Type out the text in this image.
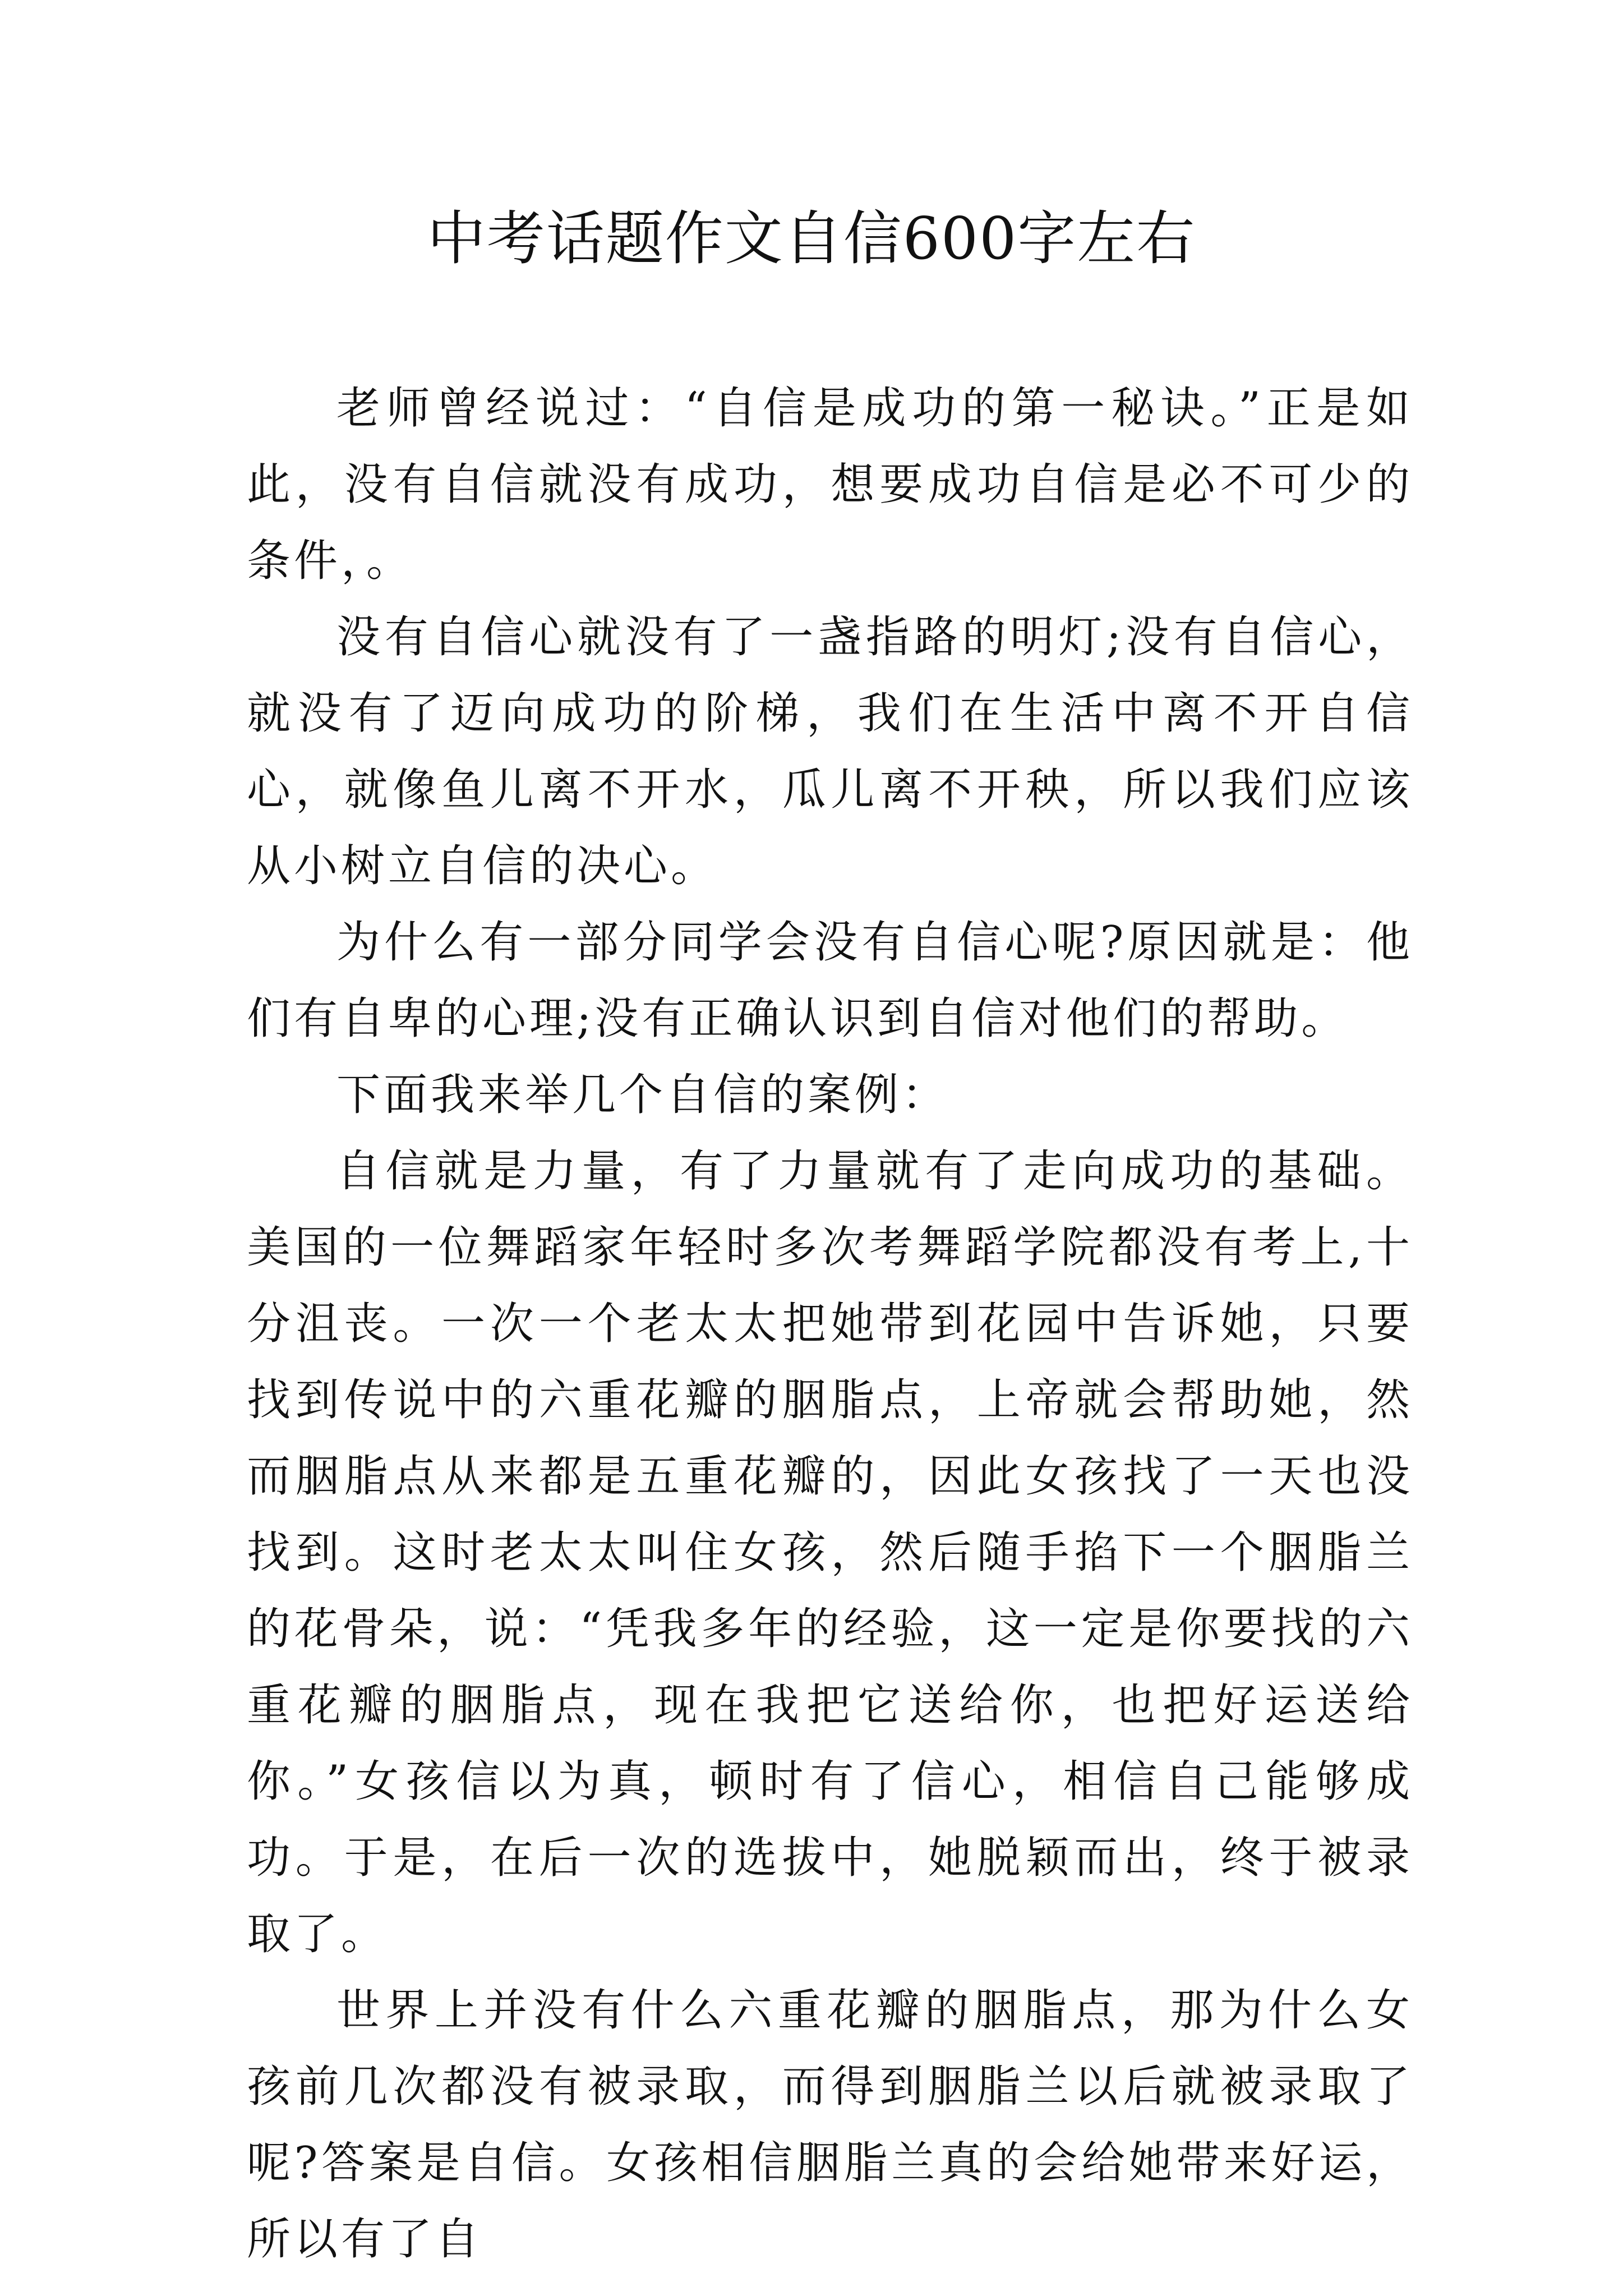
中考话题作文自信600字左右

老师曾经说过：“自信是成功的第一秘诀。”正是如此，没有自信就没有成功，想要成功自信是必不可少的条件，。

没有自信心就没有了一盏指路的明灯;没有自信心，就没有了迈向成功的阶梯，我们在生活中离不开自信心，就像鱼儿离不开水，瓜儿离不开秧，所以我们应该从小树立自信的决心。

为什么有一部分同学会没有自信心呢?原因就是：他们有自卑的心理;没有正确认识到自信对他们的帮助。

下面我来举几个自信的案例：

自信就是力量，有了力量就有了走向成功的基础。美国的一位舞蹈家年轻时多次考舞蹈学院都没有考上,十分沮丧。一次一个老太太把她带到花园中告诉她，只要找到传说中的六重花瓣的胭脂点，上帝就会帮助她，然而胭脂点从来都是五重花瓣的，因此女孩找了一天也没找到。这时老太太叫住女孩，然后随手掐下一个胭脂兰的花骨朵，说：“凭我多年的经验，这一定是你要找的六重花瓣的胭脂点，现在我把它送给你，也把好运送给你。”女孩信以为真，顿时有了信心，相信自己能够成功。于是，在后一次的选拔中，她脱颖而出，终于被录取了。

世界上并没有什么六重花瓣的胭脂点，那为什么女孩前几次都没有被录取，而得到胭脂兰以后就被录取了呢?答案是自信。女孩相信胭脂兰真的会给她带来好运，所以有了自
